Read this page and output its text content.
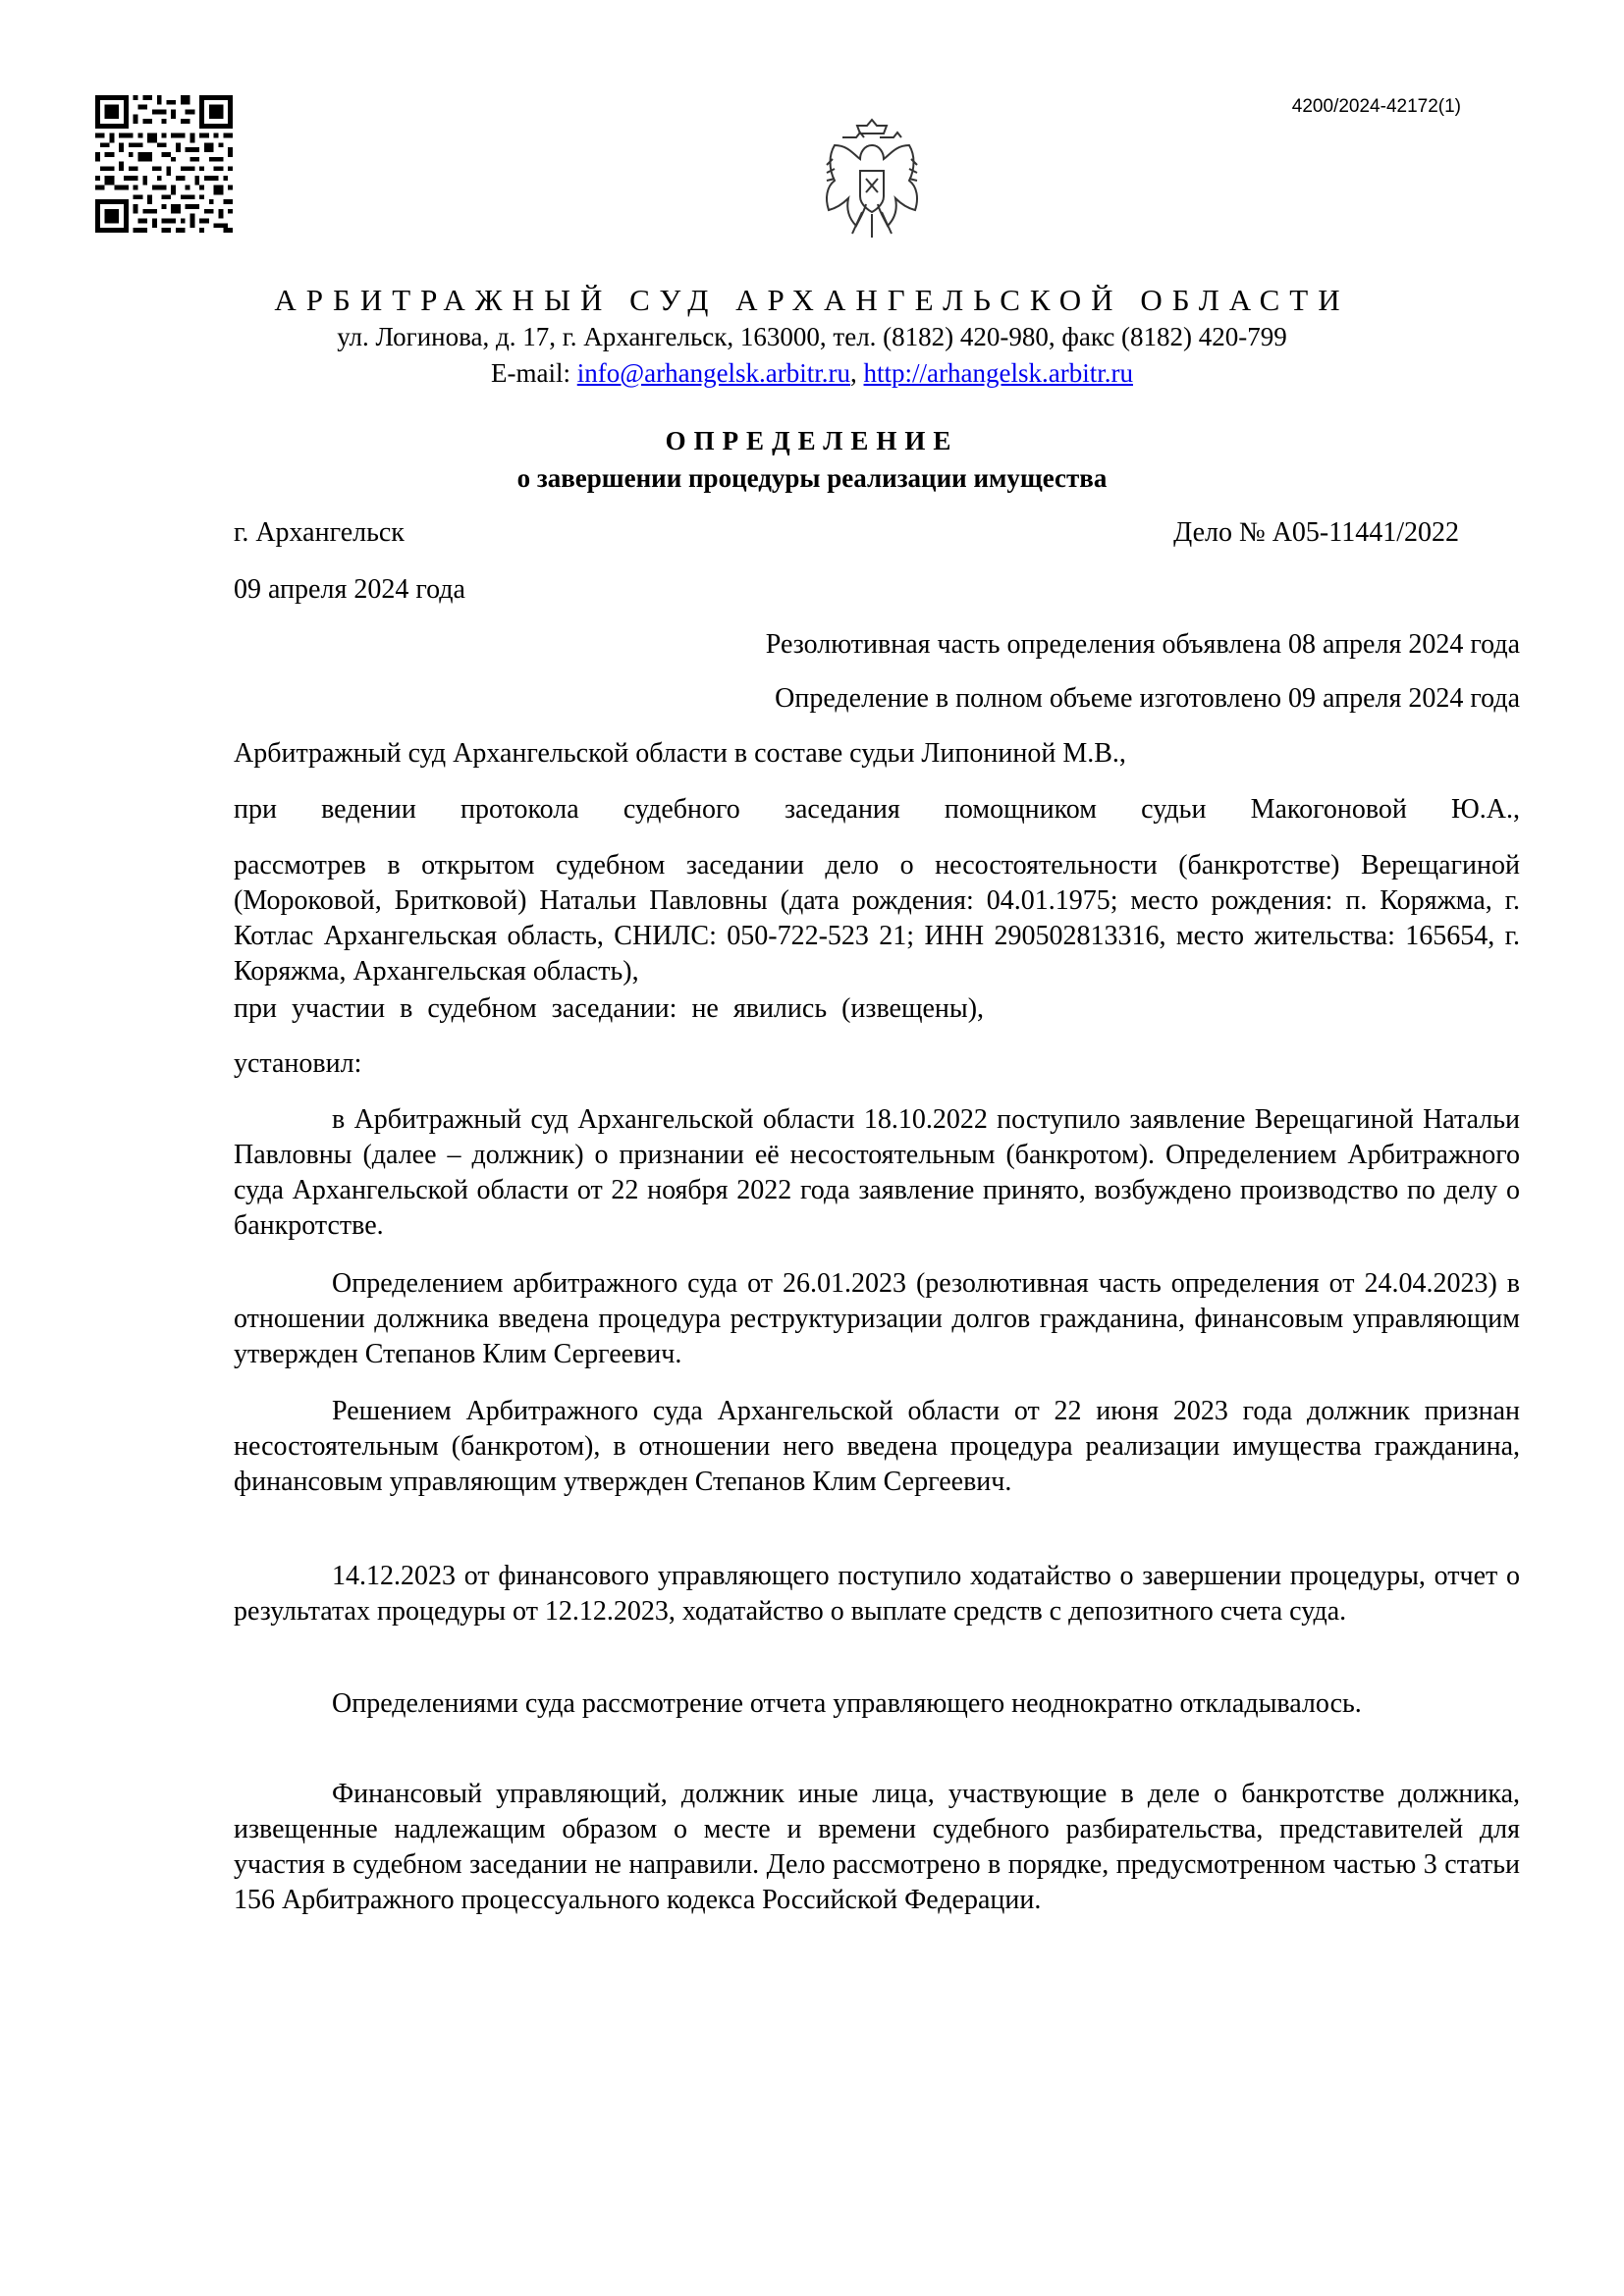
4200/2024-42172(1)
АРБИТРАЖНЫЙ СУД АРХАНГЕЛЬСКОЙ ОБЛАСТИ
ул. Логинова, д. 17, г. Архангельск, 163000, тел. (8182) 420-980, факс (8182) 420-799
E-mail: info@arhangelsk.arbitr.ru, http://arhangelsk.arbitr.ru
ОПРЕДЕЛЕНИЕ
о завершении процедуры реализации имущества
г. Архангельск	Дело № А05-11441/2022
09 апреля 2024 года
Резолютивная часть определения объявлена 08 апреля 2024 года
Определение в полном объеме изготовлено 09 апреля 2024 года
Арбитражный суд Архангельской области в составе судьи Липониной М.В.,
при ведении протокола судебного заседания помощником судьи Макогоновой Ю.А.,
рассмотрев в открытом судебном заседании дело о несостоятельности (банкротстве) Верещагиной (Мороковой, Бритковой) Натальи Павловны (дата рождения: 04.01.1975; место рождения: п. Коряжма, г. Котлас Архангельская область, СНИЛС: 050-722-523 21; ИНН 290502813316, место жительства: 165654, г. Коряжма, Архангельская область),
при участии в судебном заседании: не явились (извещены),
установил:
в Арбитражный суд Архангельской области 18.10.2022 поступило заявление Верещагиной Натальи Павловны (далее – должник) о признании её несостоятельным (банкротом). Определением Арбитражного суда Архангельской области от 22 ноября 2022 года заявление принято, возбуждено производство по делу о банкротстве.
Определением арбитражного суда от 26.01.2023 (резолютивная часть определения от 24.04.2023) в отношении должника введена процедура реструктуризации долгов гражданина, финансовым управляющим утвержден Степанов Клим Сергеевич.
Решением Арбитражного суда Архангельской области от 22 июня 2023 года должник признан несостоятельным (банкротом), в отношении него введена процедура реализации имущества гражданина, финансовым управляющим утвержден Степанов Клим Сергеевич.
14.12.2023 от финансового управляющего поступило ходатайство о завершении процедуры, отчет о результатах процедуры от 12.12.2023, ходатайство о выплате средств с депозитного счета суда.
Определениями суда рассмотрение отчета управляющего неоднократно откладывалось.
Финансовый управляющий, должник иные лица, участвующие в деле о банкротстве должника, извещенные надлежащим образом о месте и времени судебного разбирательства, представителей для участия в судебном заседании не направили. Дело рассмотрено в порядке, предусмотренном частью 3 статьи 156 Арбитражного процессуального кодекса Российской Федерации.
